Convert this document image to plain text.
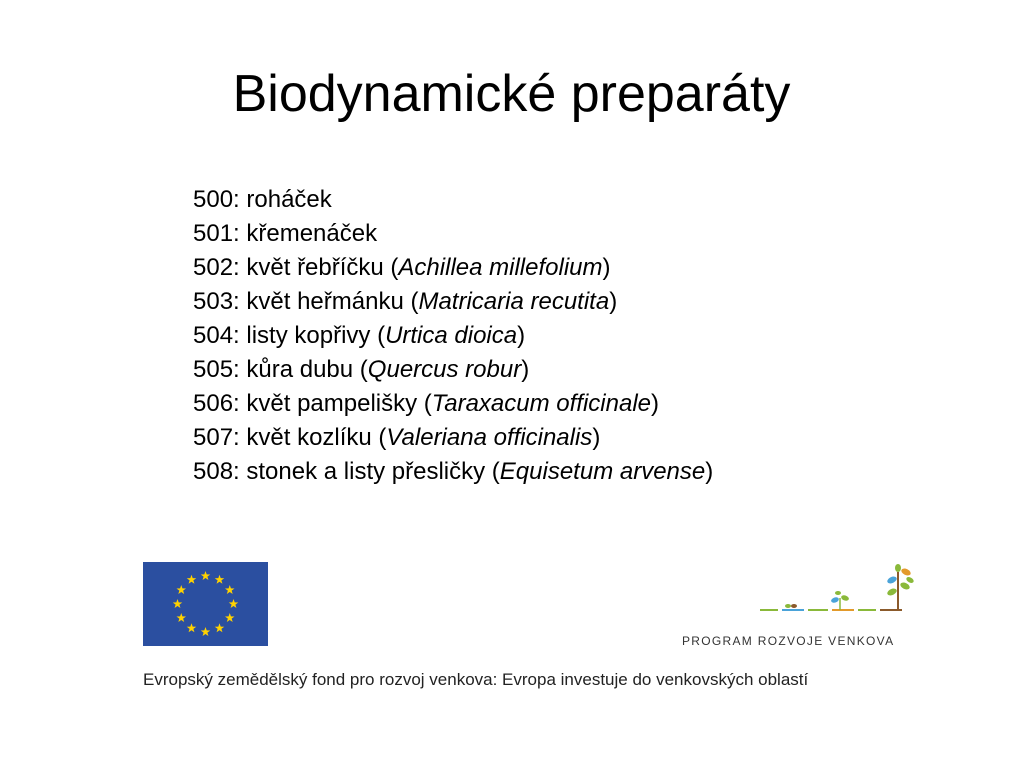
Biodynamické preparáty
500: roháček
501: křemenáček
502: květ řebříčku (Achillea millefolium)
503: květ heřmánku (Matricaria recutita)
504: listy kopřivy (Urtica dioica)
505: kůra dubu (Quercus robur)
506: květ pampelišky (Taraxacum officinale)
507: květ kozlíku (Valeriana officinalis)
508: stonek a listy přesličky (Equisetum arvense)
PROGRAM ROZVOJE VENKOVA
Evropský zemědělský fond pro rozvoj venkova: Evropa investuje do venkovských oblastí
